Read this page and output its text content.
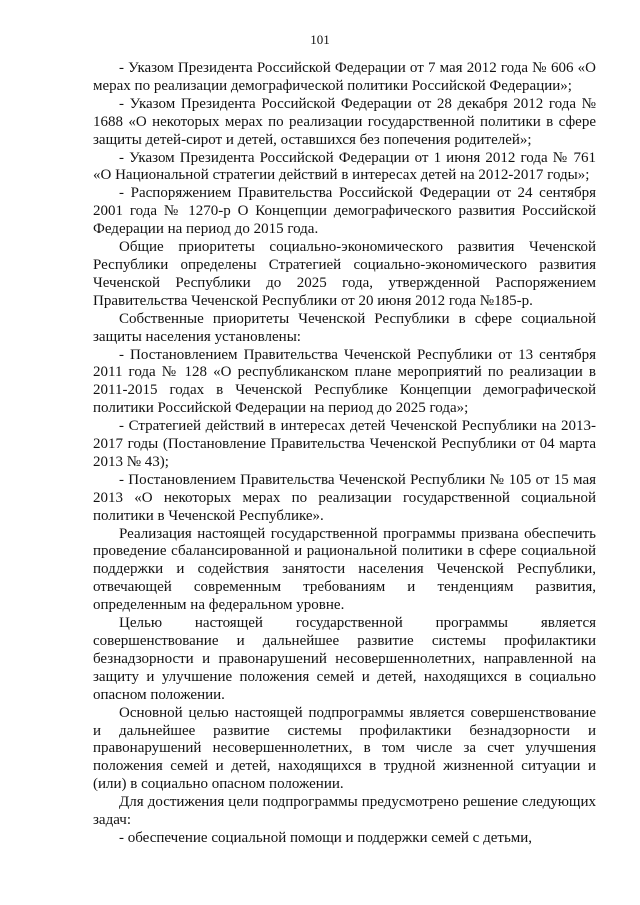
101

- Указом Президента Российской Федерации от 7 мая 2012 года № 606 «О мерах по реализации демографической политики Российской Федерации»;

- Указом Президента Российской Федерации от 28 декабря 2012 года № 1688 «О некоторых мерах по реализации государственной политики в сфере защиты детей-сирот и детей, оставшихся без попечения родителей»;

- Указом Президента Российской Федерации от 1 июня 2012 года № 761 «О Национальной стратегии действий в интересах детей на 2012-2017 годы»;

- Распоряжением Правительства Российской Федерации от 24 сентября 2001 года № 1270-р О Концепции демографического развития Российской Федерации на период до 2015 года.

Общие приоритеты социально-экономического развития Чеченской Республики определены Стратегией социально-экономического развития Чеченской Республики до 2025 года, утвержденной Распоряжением Правительства Чеченской Республики от 20 июня 2012 года №185-р.

Собственные приоритеты Чеченской Республики в сфере социальной защиты населения установлены:

- Постановлением Правительства Чеченской Республики от 13 сентября 2011 года № 128 «О республиканском плане мероприятий по реализации в 2011-2015 годах в Чеченской Республике Концепции демографической политики Российской Федерации на период до 2025 года»;

- Стратегией действий в интересах детей Чеченской Республики на 2013-2017 годы (Постановление Правительства Чеченской Республики от 04 марта 2013 № 43);

- Постановлением Правительства Чеченской Республики № 105 от 15 мая 2013 «О некоторых мерах по реализации государственной социальной политики в Чеченской Республике».

Реализация настоящей государственной программы призвана обеспечить проведение сбалансированной и рациональной политики в сфере социальной поддержки и содействия занятости населения Чеченской Республики, отвечающей современным требованиям и тенденциям развития, определенным на федеральном уровне.

Целью настоящей государственной программы является совершенствование и дальнейшее развитие системы профилактики безнадзорности и правонарушений несовершеннолетних, направленной на защиту и улучшение положения семей и детей, находящихся в социально опасном положении.

Основной целью настоящей подпрограммы является совершенствование и дальнейшее развитие системы профилактики безнадзорности и правонарушений несовершеннолетних, в том числе за счет улучшения положения семей и детей, находящихся в трудной жизненной ситуации и (или) в социально опасном положении.

Для достижения цели подпрограммы предусмотрено решение следующих задач:

- обеспечение социальной помощи и поддержки семей с детьми,
